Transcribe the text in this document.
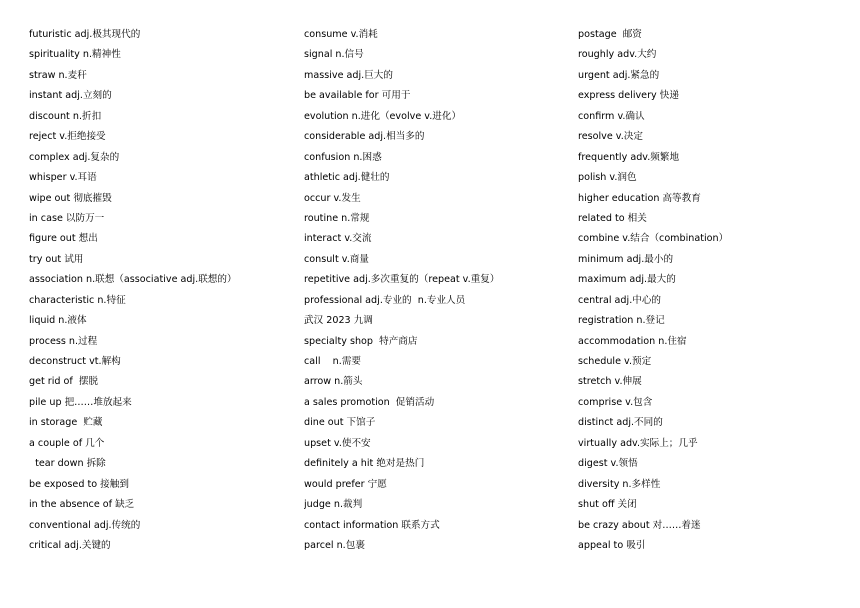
futuristic adj.极其现代的
spirituality n.精神性
straw n.麦秆
instant adj.立刻的
discount n.折扣
reject v.拒绝接受
complex adj.复杂的
whisper v.耳语
wipe out 彻底摧毁
in case 以防万一
figure out 想出
try out 试用
association n.联想（associative adj.联想的）
characteristic n.特征
liquid n.液体
process n.过程
deconstruct vt.解构
get rid of  摆脱
pile up 把……堆放起来
in storage  贮藏
a couple of 几个
tear down 拆除
be exposed to 接触到
in the absence of 缺乏
conventional adj.传统的
critical adj.关键的
consume v.消耗
signal n.信号
massive adj.巨大的
be available for 可用于
evolution n.进化（evolve v.进化）
considerable adj.相当多的
confusion n.困惑
athletic adj.健壮的
occur v.发生
routine n.常规
interact v.交流
consult v.商量
repetitive adj.多次重复的（repeat v.重复）
professional adj.专业的  n.专业人员
武汉 2023 九调
specialty shop  特产商店
call    n.需要
arrow n.箭头
a sales promotion  促销活动
dine out 下馆子
upset v.使不安
definitely a hit 绝对是热门
would prefer 宁愿
judge n.裁判
contact information 联系方式
parcel n.包裹
postage  邮资
roughly adv.大约
urgent adj.紧急的
express delivery 快递
confirm v.确认
resolve v.决定
frequently adv.频繁地
polish v.润色
higher education 高等教育
related to 相关
combine v.结合（combination）
minimum adj.最小的
maximum adj.最大的
central adj.中心的
registration n.登记
accommodation n.住宿
schedule v.预定
stretch v.伸展
comprise v.包含
distinct adj.不同的
virtually adv.实际上；几乎
digest v.领悟
diversity n.多样性
shut off 关闭
be crazy about 对……着迷
appeal to 吸引
